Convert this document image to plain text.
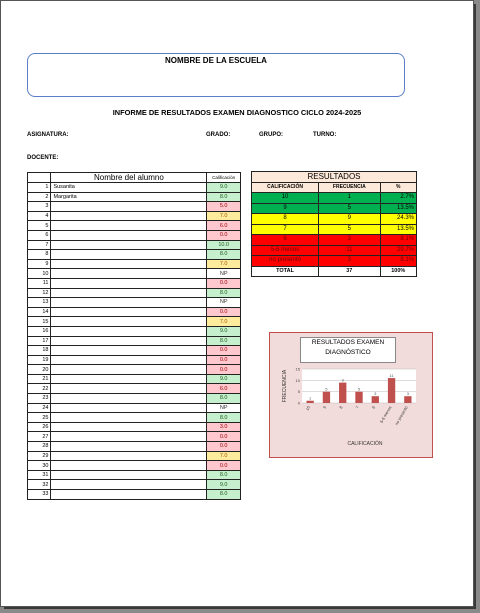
NOMBRE DE LA ESCUELA
INFORME DE RESULTADOS EXAMEN DIAGNOSTICO CICLO 2024-2025
ASIGNATURA:	GRADO:	GRUPO:	TURNO:
DOCENTE:
	Nombre del alumno	Calificación
1	Susanita	9.0
2	Margarita	8.0
3		5.0
4		7.0
5		6.0
6		0.0
7		10.0
8		8.0
9		7.0
10		NP
11		0.0
12		8.0
13		NP
14		0.0
15		7.0
16		9.0
17		8.0
18		0.0
19		0.0
20		0.0
21		9.0
22		6.0
23		8.0
24		NP
25		8.0
26		3.0
27		0.0
28		0.0
29		7.0
30		0.0
31		8.0
32		9.0
33		8.0
RESULTADOS		
CALIFICACIÓN	FRECUENCIA	%
10	1	2.7%
9	5	13.5%
8	9	24.3%
7	5	13.5%
6	3	8.1%
5-6 menos	11	29.7%
no presentó	3	8.1%
TOTAL	37	100%
0
5
10
15
1
10
5
9
9
8
5
7
3
6
11
5-6 menos
3
no presentó
CALIFICACIÓN
FRECUENCIA
RESULTADOS EXAMEN DIAGNÓSTICO
